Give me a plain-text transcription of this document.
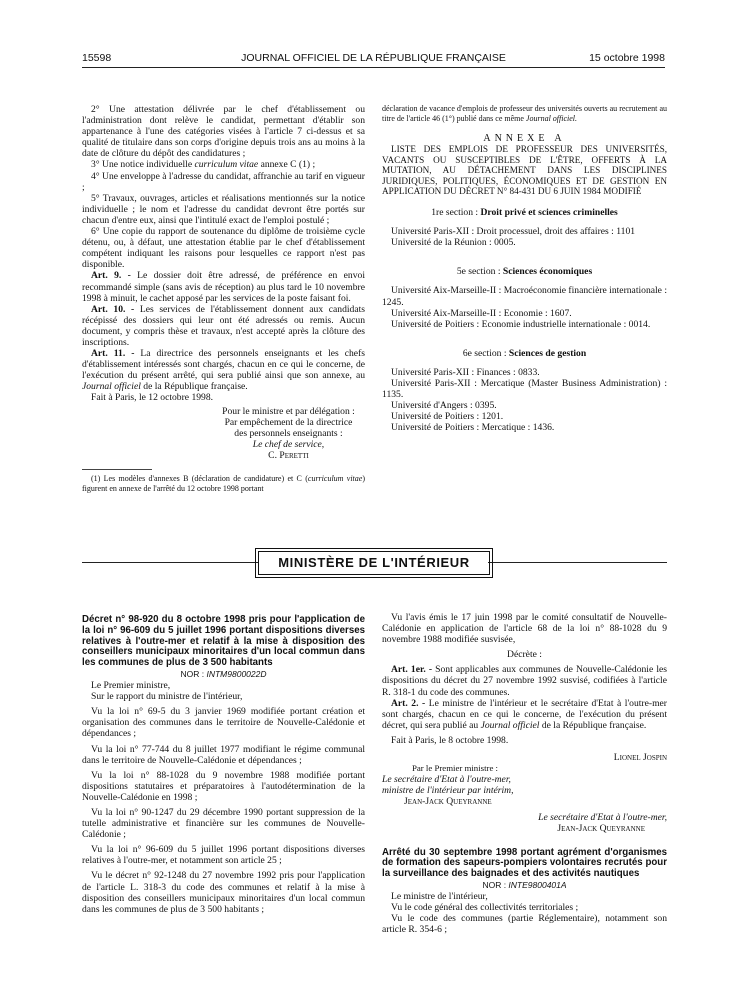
JOURNAL OFFICIEL DE LA RÉPUBLIQUE FRANÇAISE
15598	15 octobre 1998

2° Une attestation délivrée par le chef d'établissement ou l'administration dont relève le candidat, permettant d'établir son appartenance à l'une des catégories visées à l'article 7 ci-dessus et sa qualité de titulaire dans son corps d'origine depuis trois ans au moins à la date de clôture du dépôt des candidatures ;

3° Une notice individuelle curriculum vitae annexe C (1) ;

4° Une enveloppe à l'adresse du candidat, affranchie au tarif en vigueur ;

5° Travaux, ouvrages, articles et réalisations mentionnés sur la notice individuelle ; le nom et l'adresse du candidat devront être portés sur chacun d'entre eux, ainsi que l'intitulé exact de l'emploi postulé ;

6° Une copie du rapport de soutenance du diplôme de troisième cycle détenu, ou, à défaut, une attestation établie par le chef d'établissement compétent indiquant les raisons pour lesquelles ce rapport n'est pas disponible.

Art. 9. - Le dossier doit être adressé, de préférence en envoi recommandé simple (sans avis de réception) au plus tard le 10 novembre 1998 à minuit, le cachet apposé par les services de la poste faisant foi.

Art. 10. - Les services de l'établissement donnent aux candidats récépissé des dossiers qui leur ont été adressés ou remis. Aucun document, y compris thèse et travaux, n'est accepté après la clôture des inscriptions.

Art. 11. - La directrice des personnels enseignants et les chefs d'établissement intéressés sont chargés, chacun en ce qui le concerne, de l'exécution du présent arrêté, qui sera publié ainsi que son annexe, au Journal officiel de la République française.

Fait à Paris, le 12 octobre 1998.

Pour le ministre et par délégation :
Par empêchement de la directrice
des personnels enseignants :
Le chef de service,
C. Peretti

(1) Les modèles d'annexes B (déclaration de candidature) et C (curriculum vitae) figurent en annexe de l'arrêté du 12 octobre 1998 portant

déclaration de vacance d'emplois de professeur des universités ouverts au recrutement au titre de l'article 46 (1°) publié dans ce même Journal officiel.

ANNEXE A

LISTE DES EMPLOIS DE PROFESSEUR DES UNIVERSITÉS, VACANTS OU SUSCEPTIBLES DE L'ÊTRE, OFFERTS À LA MUTATION, AU DÉTACHEMENT DANS LES DISCIPLINES JURIDIQUES, POLITIQUES, ÉCONOMIQUES ET DE GESTION EN APPLICATION DU DÉCRET N° 84-431 DU 6 JUIN 1984 MODIFIÉ

1re section : Droit privé et sciences criminelles

Université Paris-XII : Droit processuel, droit des affaires : 1101

Université de la Réunion : 0005.

5e section : Sciences économiques

Université Aix-Marseille-II : Macroéconomie financière internationale : 1245.

Université Aix-Marseille-II : Economie : 1607.

Université de Poitiers : Economie industrielle internationale : 0014.

6e section : Sciences de gestion

Université Paris-XII : Finances : 0833.

Université Paris-XII : Mercatique (Master Business Administration) : 1135.

Université d'Angers : 0395.

Université de Poitiers : 1201.

Université de Poitiers : Mercatique : 1436.

MINISTÈRE DE L'INTÉRIEUR

Décret n° 98-920 du 8 octobre 1998 pris pour l'application de la loi n° 96-609 du 5 juillet 1996 portant dispositions diverses relatives à l'outre-mer et relatif à la mise à disposition des conseillers municipaux minoritaires d'un local commun dans les communes de plus de 3 500 habitants

NOR : INTM9800022D

Le Premier ministre,

Sur le rapport du ministre de l'intérieur,

Vu la loi n° 69-5 du 3 janvier 1969 modifiée portant création et organisation des communes dans le territoire de Nouvelle-Calédonie et dépendances ;

Vu la loi n° 77-744 du 8 juillet 1977 modifiant le régime communal dans le territoire de Nouvelle-Calédonie et dépendances ;

Vu la loi n° 88-1028 du 9 novembre 1988 modifiée portant dispositions statutaires et préparatoires à l'autodétermination de la Nouvelle-Calédonie en 1998 ;

Vu la loi n° 90-1247 du 29 décembre 1990 portant suppression de la tutelle administrative et financière sur les communes de Nouvelle-Calédonie ;

Vu la loi n° 96-609 du 5 juillet 1996 portant dispositions diverses relatives à l'outre-mer, et notamment son article 25 ;

Vu le décret n° 92-1248 du 27 novembre 1992 pris pour l'application de l'article L. 318-3 du code des communes et relatif à la mise à disposition des conseillers municipaux minoritaires d'un local commun dans les communes de plus de 3 500 habitants ;

Vu l'avis émis le 17 juin 1998 par le comité consultatif de Nouvelle-Calédonie en application de l'article 68 de la loi n° 88-1028 du 9 novembre 1988 modifiée susvisée,

Décrète :

Art. 1er. - Sont applicables aux communes de Nouvelle-Calédonie les dispositions du décret du 27 novembre 1992 susvisé, codifiées à l'article R. 318-1 du code des communes.

Art. 2. - Le ministre de l'intérieur et le secrétaire d'Etat à l'outre-mer sont chargés, chacun en ce qui le concerne, de l'exécution du présent décret, qui sera publié au Journal officiel de la République française.

Fait à Paris, le 8 octobre 1998.

Lionel Jospin

Par le Premier ministre :

Le secrétaire d'Etat à l'outre-mer,

ministre de l'intérieur par intérim,

Jean-Jack Queyranne

Le secrétaire d'Etat à l'outre-mer,

Jean-Jack Queyranne

Arrêté du 30 septembre 1998 portant agrément d'organismes de formation des sapeurs-pompiers volontaires recrutés pour la surveillance des baignades et des activités nautiques

NOR : INTE9800401A

Le ministre de l'intérieur,

Vu le code général des collectivités territoriales ;

Vu le code des communes (partie Réglementaire), notamment son article R. 354-6 ;
